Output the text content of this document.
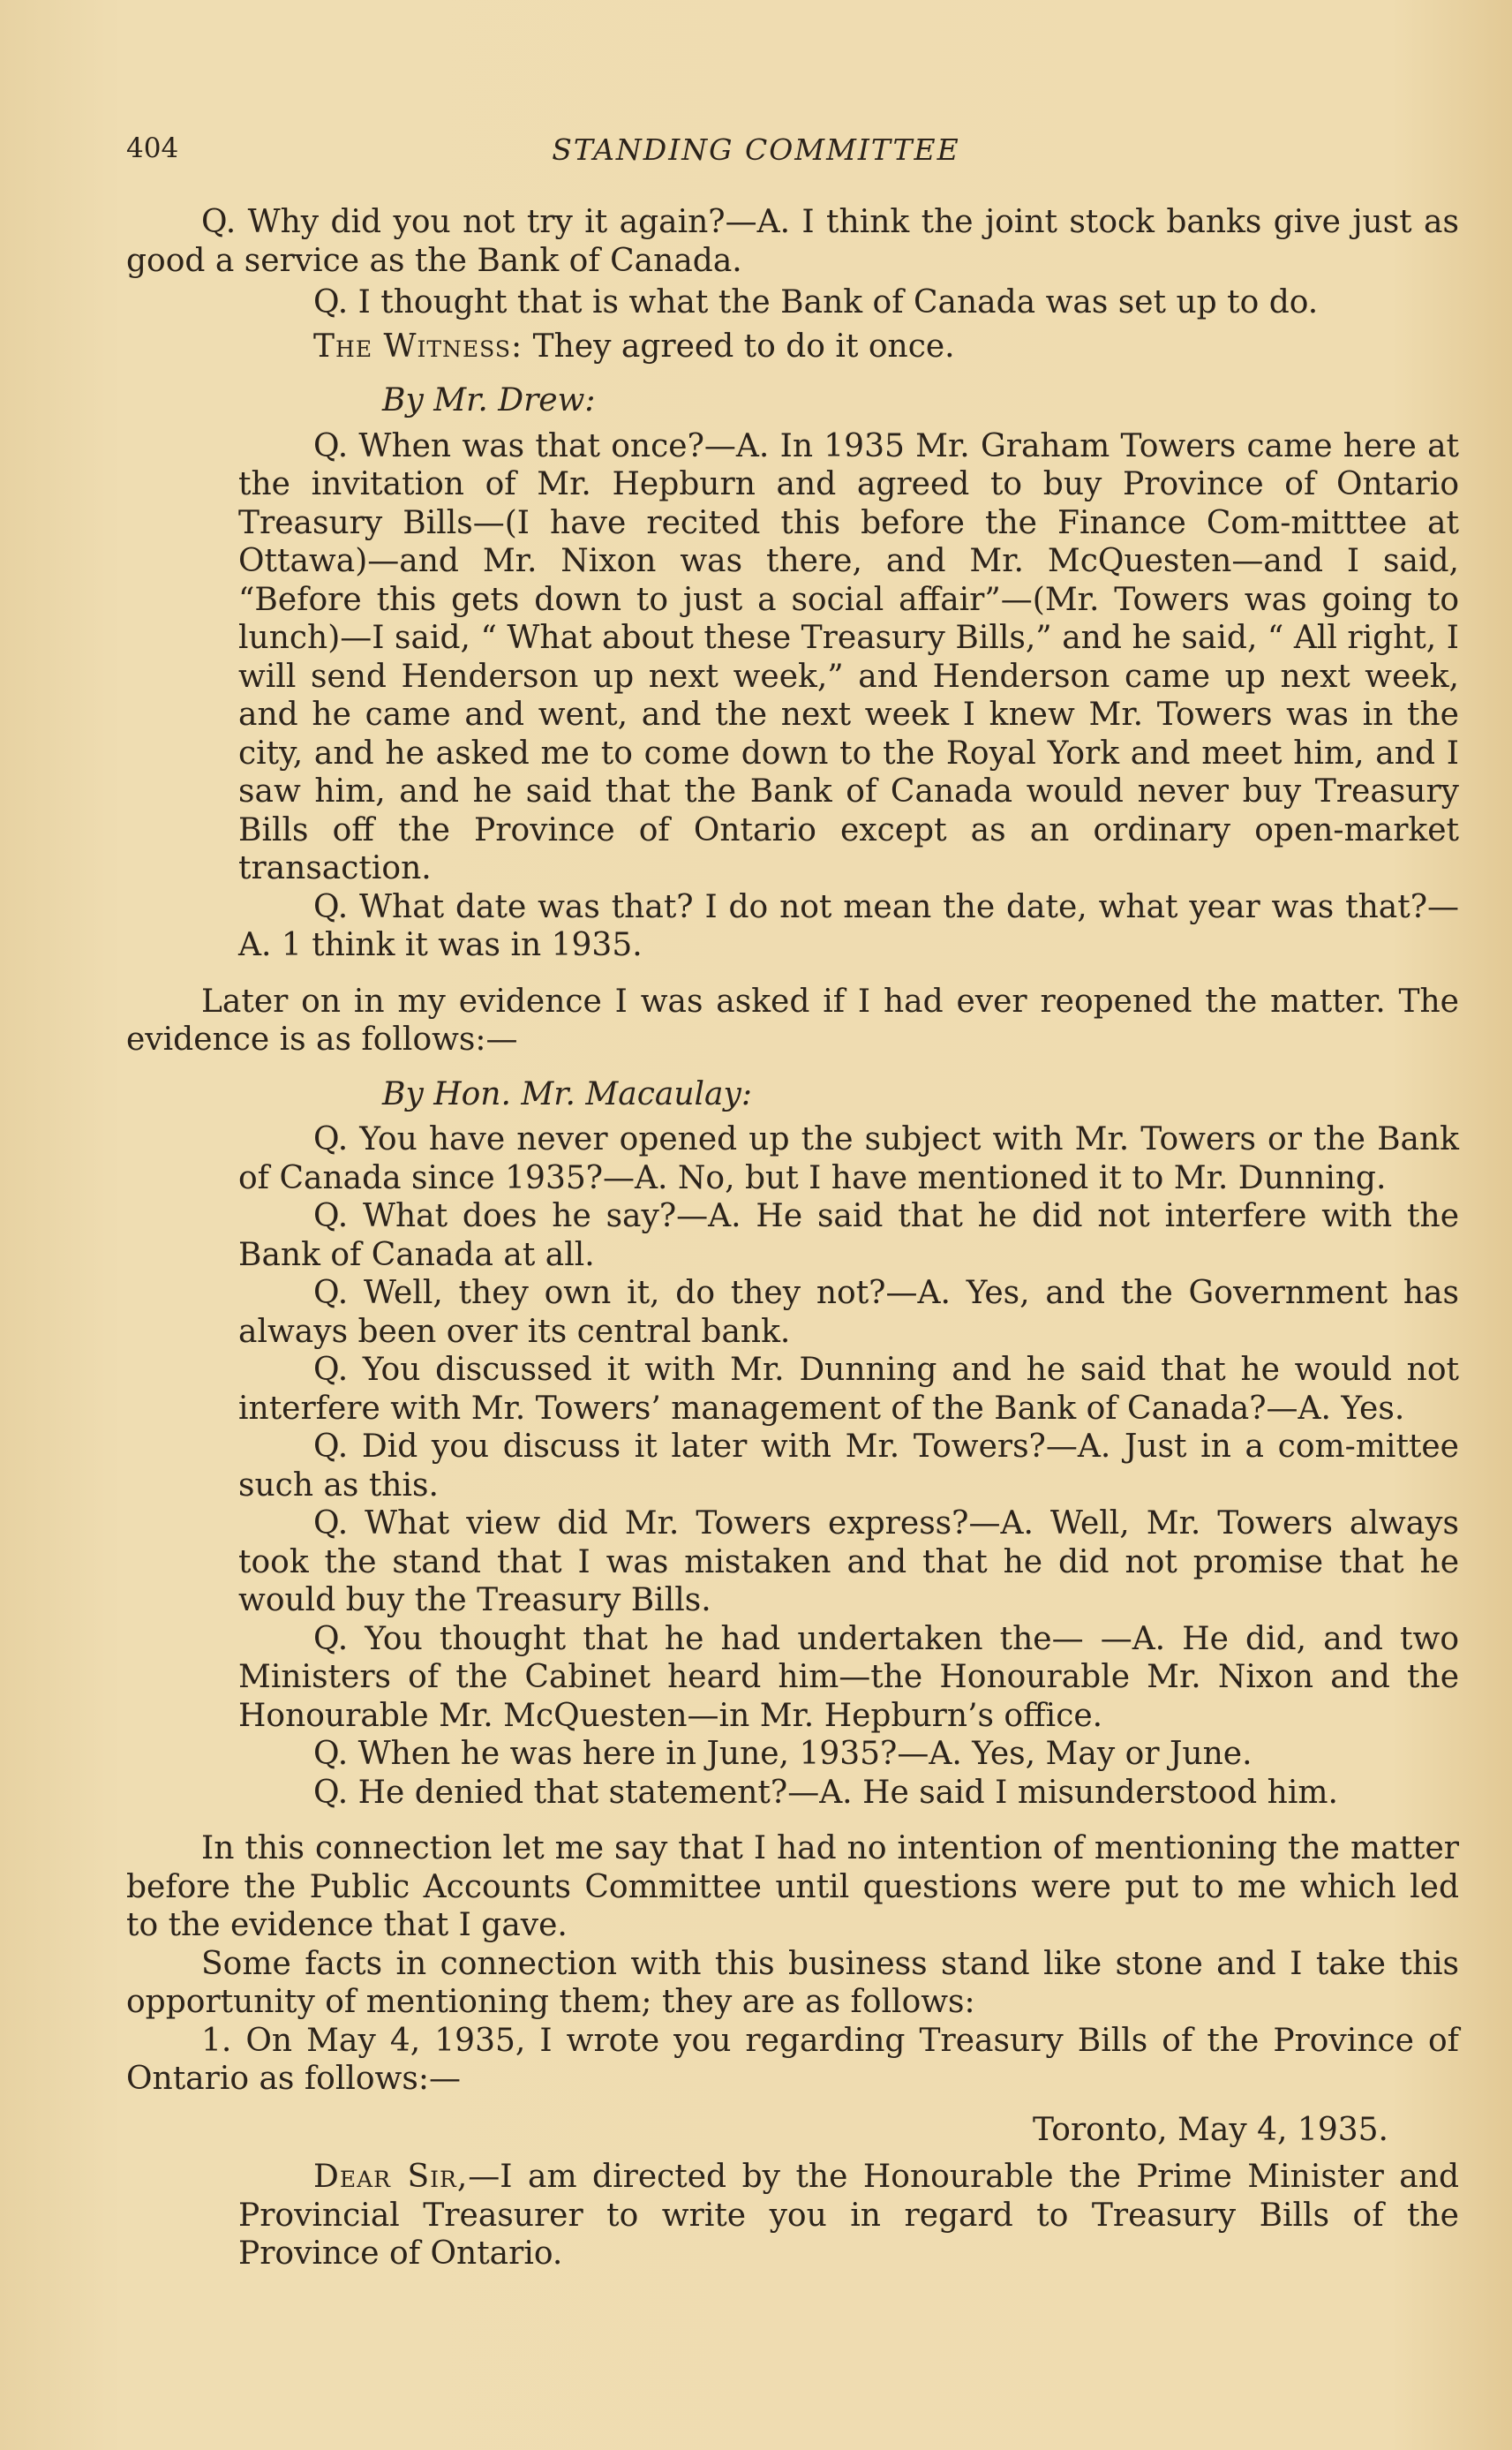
404	STANDING COMMITTEE

Q. Why did you not try it again?—A. I think the joint stock banks give just as good a service as the Bank of Canada.

Q. I thought that is what the Bank of Canada was set up to do.

The Witness: They agreed to do it once.

By Mr. Drew:

Q. When was that once?—A. In 1935 Mr. Graham Towers came here at the invitation of Mr. Hepburn and agreed to buy Province of Ontario Treasury Bills—(I have recited this before the Finance Com-mitttee at Ottawa)—and Mr. Nixon was there, and Mr. McQuesten—and I said, “Before this gets down to just a social affair”—(Mr. Towers was going to lunch)—I said, “ What about these Treasury Bills,” and he said, “ All right, I will send Henderson up next week,” and Henderson came up next week, and he came and went, and the next week I knew Mr. Towers was in the city, and he asked me to come down to the Royal York and meet him, and I saw him, and he said that the Bank of Canada would never buy Treasury Bills off the Province of Ontario except as an ordinary open-market transaction.

Q. What date was that? I do not mean the date, what year was that?—A. 1 think it was in 1935.

Later on in my evidence I was asked if I had ever reopened the matter. The evidence is as follows:—

By Hon. Mr. Macaulay:

Q. You have never opened up the subject with Mr. Towers or the Bank of Canada since 1935?—A. No, but I have mentioned it to Mr. Dunning.

Q. What does he say?—A. He said that he did not interfere with the Bank of Canada at all.

Q. Well, they own it, do they not?—A. Yes, and the Government has always been over its central bank.

Q. You discussed it with Mr. Dunning and he said that he would not interfere with Mr. Towers’ management of the Bank of Canada?—A. Yes.

Q. Did you discuss it later with Mr. Towers?—A. Just in a com-mittee such as this.

Q. What view did Mr. Towers express?—A. Well, Mr. Towers always took the stand that I was mistaken and that he did not promise that he would buy the Treasury Bills.

Q. You thought that he had undertaken the— —A. He did, and two Ministers of the Cabinet heard him—the Honourable Mr. Nixon and the Honourable Mr. McQuesten—in Mr. Hepburn’s office.

Q. When he was here in June, 1935?—A. Yes, May or June.

Q. He denied that statement?—A. He said I misunderstood him.

In this connection let me say that I had no intention of mentioning the matter before the Public Accounts Committee until questions were put to me which led to the evidence that I gave.

Some facts in connection with this business stand like stone and I take this opportunity of mentioning them; they are as follows:

1. On May 4, 1935, I wrote you regarding Treasury Bills of the Province of Ontario as follows:—

Toronto, May 4, 1935.

Dear Sir,—I am directed by the Honourable the Prime Minister and Provincial Treasurer to write you in regard to Treasury Bills of the Province of Ontario.
